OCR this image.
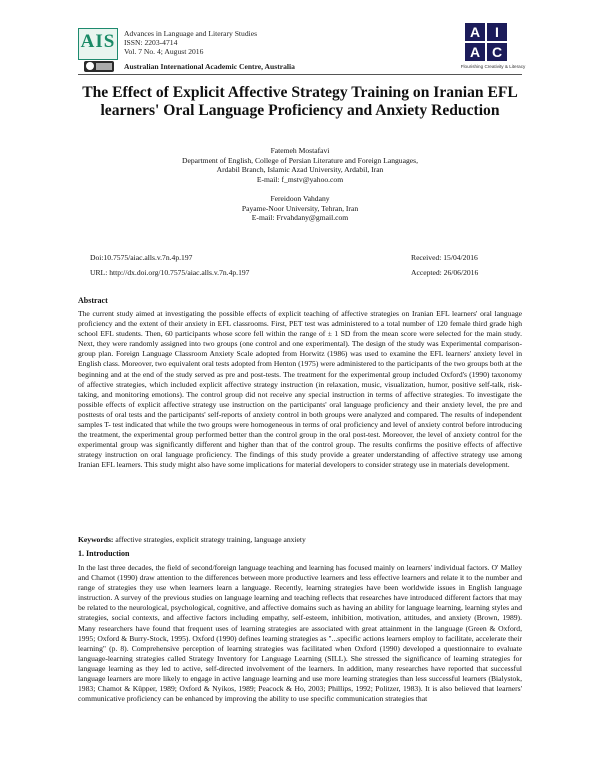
AIS Advances in Language and Literary Studies
ISSN: 2203-4714
Vol. 7 No. 4; August 2016
Australian International Academic Centre, Australia
A	I
A C
Flourishing Creativity & Literacy
The Effect of Explicit Affective Strategy Training on Iranian EFL learners' Oral Language Proficiency and Anxiety Reduction
Fatemeh Mostafavi
Department of English, College of Persian Literature and Foreign Languages,
Ardabil Branch, Islamic Azad University, Ardabil, Iran
E-mail: f_mstv@yahoo.com
Fereidoon Vahdany
Payame-Noor University, Tehran, Iran
E-mail: Frvahdany@gmail.com
Doi:10.7575/aiac.alls.v.7n.4p.197
URL: http://dx.doi.org/10.7575/aiac.alls.v.7n.4p.197
Received: 15/04/2016
Accepted: 26/06/2016
Abstract
The current study aimed at investigating the possible effects of explicit teaching of affective strategies on Iranian EFL learners' oral language proficiency and the extent of their anxiety in EFL classrooms. First, PET test was administered to a total number of 120 female third grade high school EFL students. Then, 60 participants whose score fell within the range of ± 1 SD from the mean score were selected for the main study. Next, they were randomly assigned into two groups (one control and one experimental). The design of the study was Experimental comparison-group plan. Foreign Language Classroom Anxiety Scale adopted from Horwitz (1986) was used to examine the EFL learners' anxiety level in English class. Moreover, two equivalent oral tests adopted from Henton (1975) were administered to the participants of the two groups both at the beginning and at the end of the study served as pre and post-tests. The treatment for the experimental group included Oxford's (1990) taxonomy of affective strategies, which included explicit affective strategy instruction (in relaxation, music, visualization, humor, positive self-talk, risk-taking, and monitoring emotions). The control group did not receive any special instruction in terms of affective strategies. To investigate the possible effects of explicit affective strategy use instruction on the participants' oral language proficiency and their anxiety level, the pre and posttests of oral tests and the participants' self-reports of anxiety control in both groups were analyzed and compared. The results of independent samples T- test indicated that while the two groups were homogeneous in terms of oral proficiency and level of anxiety control before introducing the treatment, the experimental group performed better than the control group in the oral post-test. Moreover, the level of anxiety control for the experimental group was significantly different and higher than that of the control group. The results confirms the positive effects of affective strategy instruction on oral language proficiency. The findings of this study provide a greater understanding of affective strategy use among Iranian EFL learners. This study might also have some implications for material developers to consider strategy use in materials development.
Keywords: affective strategies, explicit strategy training, language anxiety
1. Introduction
In the last three decades, the field of second/foreign language teaching and learning has focused mainly on learners' individual factors. O' Malley and Chamot (1990) draw attention to the differences between more productive learners and less effective learners and relate it to the number and range of strategies they use when learners learn a language. Recently, learning strategies have been worldwide issues in English language instruction. A survey of the previous studies on language learning and teaching reflects that researches have introduced different factors that may be related to the neurological, psychological, cognitive, and affective domains such as having an ability for language learning, learning styles and strategies, social contexts, and affective factors including empathy, self-esteem, inhibition, motivation, attitudes, and anxiety (Brown, 1989). Many researchers have found that frequent uses of learning strategies are associated with great attainment in the language (Green & Oxford, 1995; Oxford & Burry-Stock, 1995). Oxford (1990) defines learning strategies as "...specific actions learners employ to facilitate, accelerate their learning" (p. 8). Comprehensive perception of learning strategies was facilitated when Oxford (1990) developed a questionnaire to evaluate language-learning strategies called Strategy Inventory for Language Learning (SILL). She stressed the significance of learning strategies for language learning as they led to active, self-directed involvement of the learners. In addition, many researches have reported that successful language learners are more likely to engage in active language learning and use more learning strategies than less successful learners (Bialystok, 1983; Chamot & Küpper, 1989; Oxford & Nyikos, 1989; Peacock & Ho, 2003; Phillips, 1992; Politzer, 1983). It is also believed that learners' communicative proficiency can be enhanced by improving the ability to use specific communication strategies that
